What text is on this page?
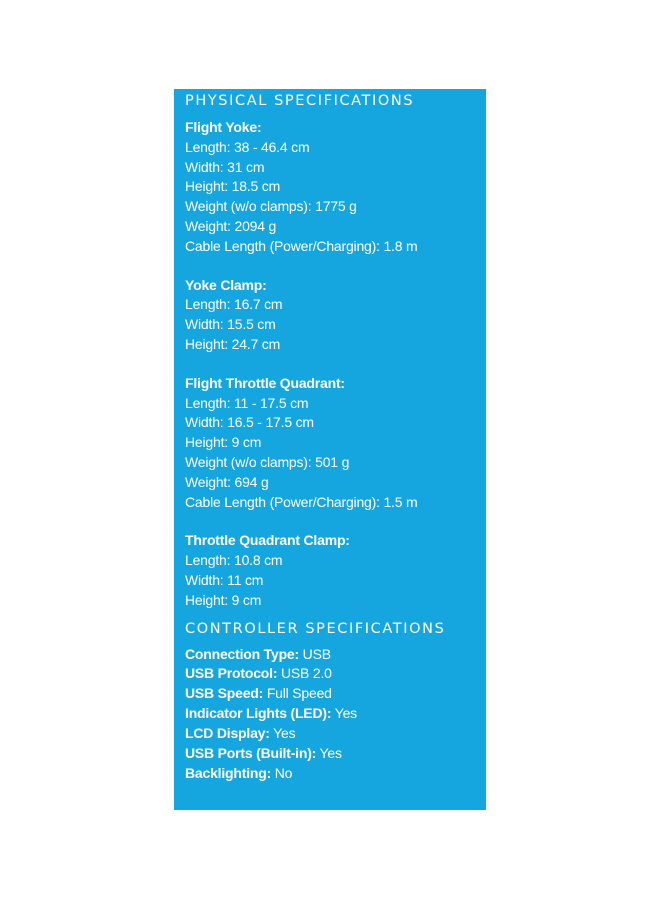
PHYSICAL SPECIFICATIONS
Flight Yoke:
Length: 38 - 46.4 cm
Width: 31 cm
Height: 18.5 cm
Weight (w/o clamps): 1775 g
Weight: 2094 g
Cable Length (Power/Charging): 1.8 m
Yoke Clamp:
Length: 16.7 cm
Width: 15.5 cm
Height: 24.7 cm
Flight Throttle Quadrant:
Length: 11 - 17.5 cm
Width: 16.5 - 17.5 cm
Height: 9 cm
Weight (w/o clamps): 501 g
Weight: 694 g
Cable Length (Power/Charging): 1.5 m
Throttle Quadrant Clamp:
Length: 10.8 cm
Width: 11 cm
Height: 9 cm
CONTROLLER SPECIFICATIONS
Connection Type: USB
USB Protocol: USB 2.0
USB Speed: Full Speed
Indicator Lights (LED): Yes
LCD Display: Yes
USB Ports (Built-in): Yes
Backlighting: No
